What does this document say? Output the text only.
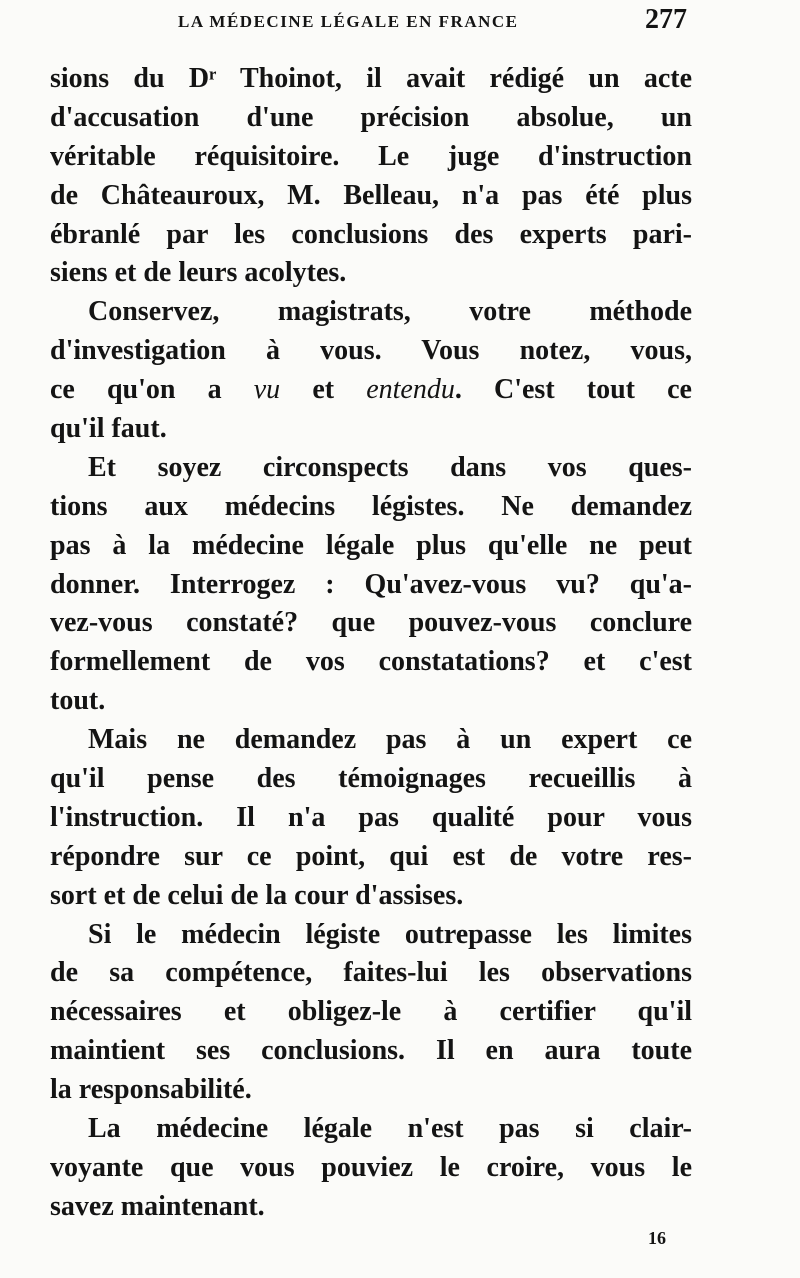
LA MÉDECINE LÉGALE EN FRANCE	277
sions du Dʳ Thoinot, il avait rédigé un acte
d'accusation d'une précision absolue, un
véritable réquisitoire. Le juge d'instruction
de Châteauroux, M. Belleau, n'a pas été plus
ébranlé par les conclusions des experts pari-
siens et de leurs acolytes.
Conservez, magistrats, votre méthode
d'investigation à vous. Vous notez, vous,
ce qu'on a vu et entendu. C'est tout ce
qu'il faut.
Et soyez circonspects dans vos ques-
tions aux médecins légistes. Ne demandez
pas à la médecine légale plus qu'elle ne peut
donner. Interrogez : Qu'avez-vous vu? qu'a-
vez-vous constaté? que pouvez-vous conclure
formellement de vos constatations? et c'est
tout.
Mais ne demandez pas à un expert ce
qu'il pense des témoignages recueillis à
l'instruction. Il n'a pas qualité pour vous
répondre sur ce point, qui est de votre res-
sort et de celui de la cour d'assises.
Si le médecin légiste outrepasse les limites
de sa compétence, faites-lui les observations
nécessaires et obligez-le à certifier qu'il
maintient ses conclusions. Il en aura toute
la responsabilité.
La médecine légale n'est pas si clair-
voyante que vous pouviez le croire, vous le
savez maintenant.
16
